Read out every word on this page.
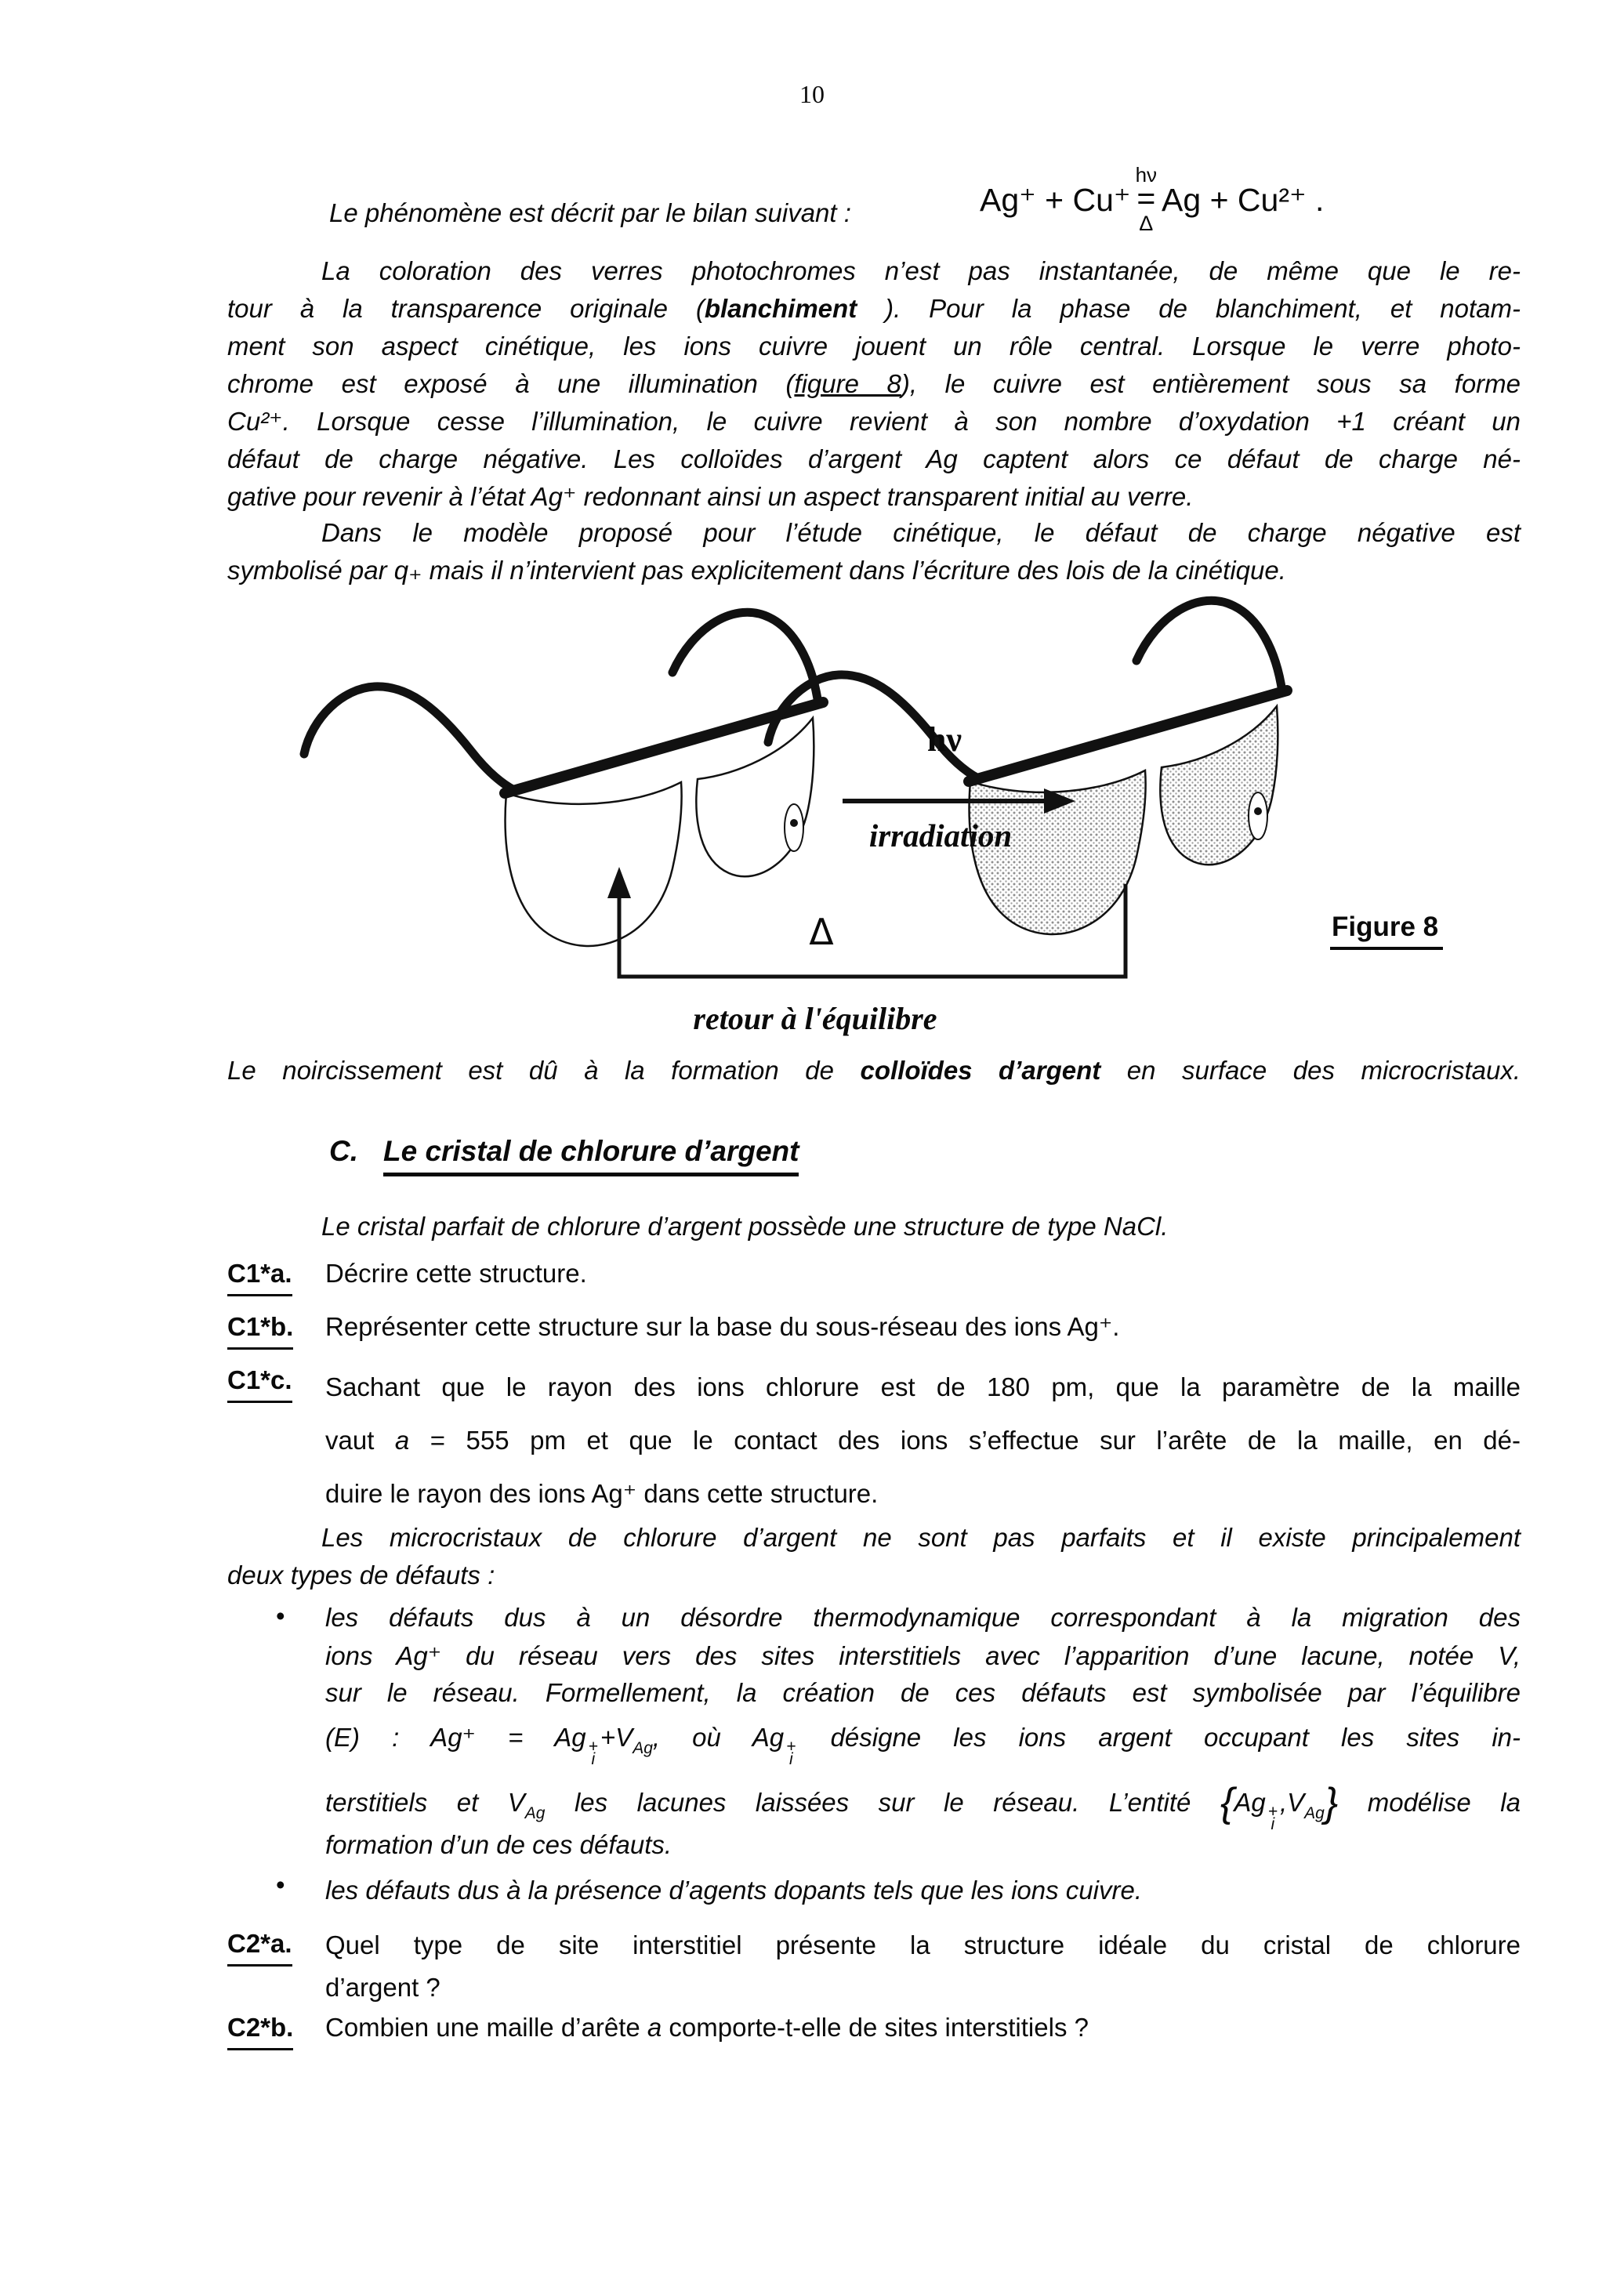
10
Le phénomène est décrit par le bilan suivant :	Ag⁺ + Cu⁺
hν
=
Δ
Ag + Cu²⁺ .
La coloration des verres photochromes n’est pas instantanée, de même que le re-
tour à la transparence originale (blanchiment ). Pour la phase de blanchiment, et notam-
ment son aspect cinétique, les ions cuivre jouent un rôle central. Lorsque le verre photo-
chrome est exposé à une illumination (figure 8), le cuivre est entièrement sous sa forme
Cu²⁺. Lorsque cesse l’illumination, le cuivre revient à son nombre d’oxydation +1 créant un
défaut de charge négative. Les colloïdes d’argent Ag captent alors ce défaut de charge né-
gative pour revenir à l’état Ag⁺ redonnant ainsi un aspect transparent initial au verre.
Dans le modèle proposé pour l’étude cinétique, le défaut de charge négative est
symbolisé par q₊ mais il n’intervient pas explicitement dans l’écriture des lois de la cinétique.
hν
irradiation
Δ
retour à l'équilibre
Figure 8
Le noircissement est dû à la formation de colloïdes d’argent en surface des microcristaux.
C. Le cristal de chlorure d’argent
Le cristal parfait de chlorure d’argent possède une structure de type NaCl.
C1*a. Décrire cette structure.
C1*b. Représenter cette structure sur la base du sous-réseau des ions Ag⁺.
C1*c. Sachant que le rayon des ions chlorure est de 180 pm, que la paramètre de la maille
vaut a = 555 pm et que le contact des ions s’effectue sur l’arête de la maille, en dé-
duire le rayon des ions Ag⁺ dans cette structure.
Les microcristaux de chlorure d’argent ne sont pas parfaits et il existe principalement
deux types de défauts :
• les défauts dus à un désordre thermodynamique correspondant à la migration des
ions Ag⁺ du réseau vers des sites interstitiels avec l’apparition d’une lacune, notée V,
sur le réseau. Formellement, la création de ces défauts est symbolisée par l’équilibre
(E) : Ag⁺ = Ag +
i
$+V_{Ag}$, où Ag +
i
désigne les ions argent occupant les sites in-
terstitiels et $V_{Ag}$ les lacunes laissées sur le réseau. L’entité {Ag +
i
$,V_{Ag}$} modélise la
formation d’un de ces défauts.
• les défauts dus à la présence d’agents dopants tels que les ions cuivre.
C2*a. Quel type de site interstitiel présente la structure idéale du cristal de chlorure
d’argent ?
C2*b. Combien une maille d’arête a comporte-t-elle de sites interstitiels ?
